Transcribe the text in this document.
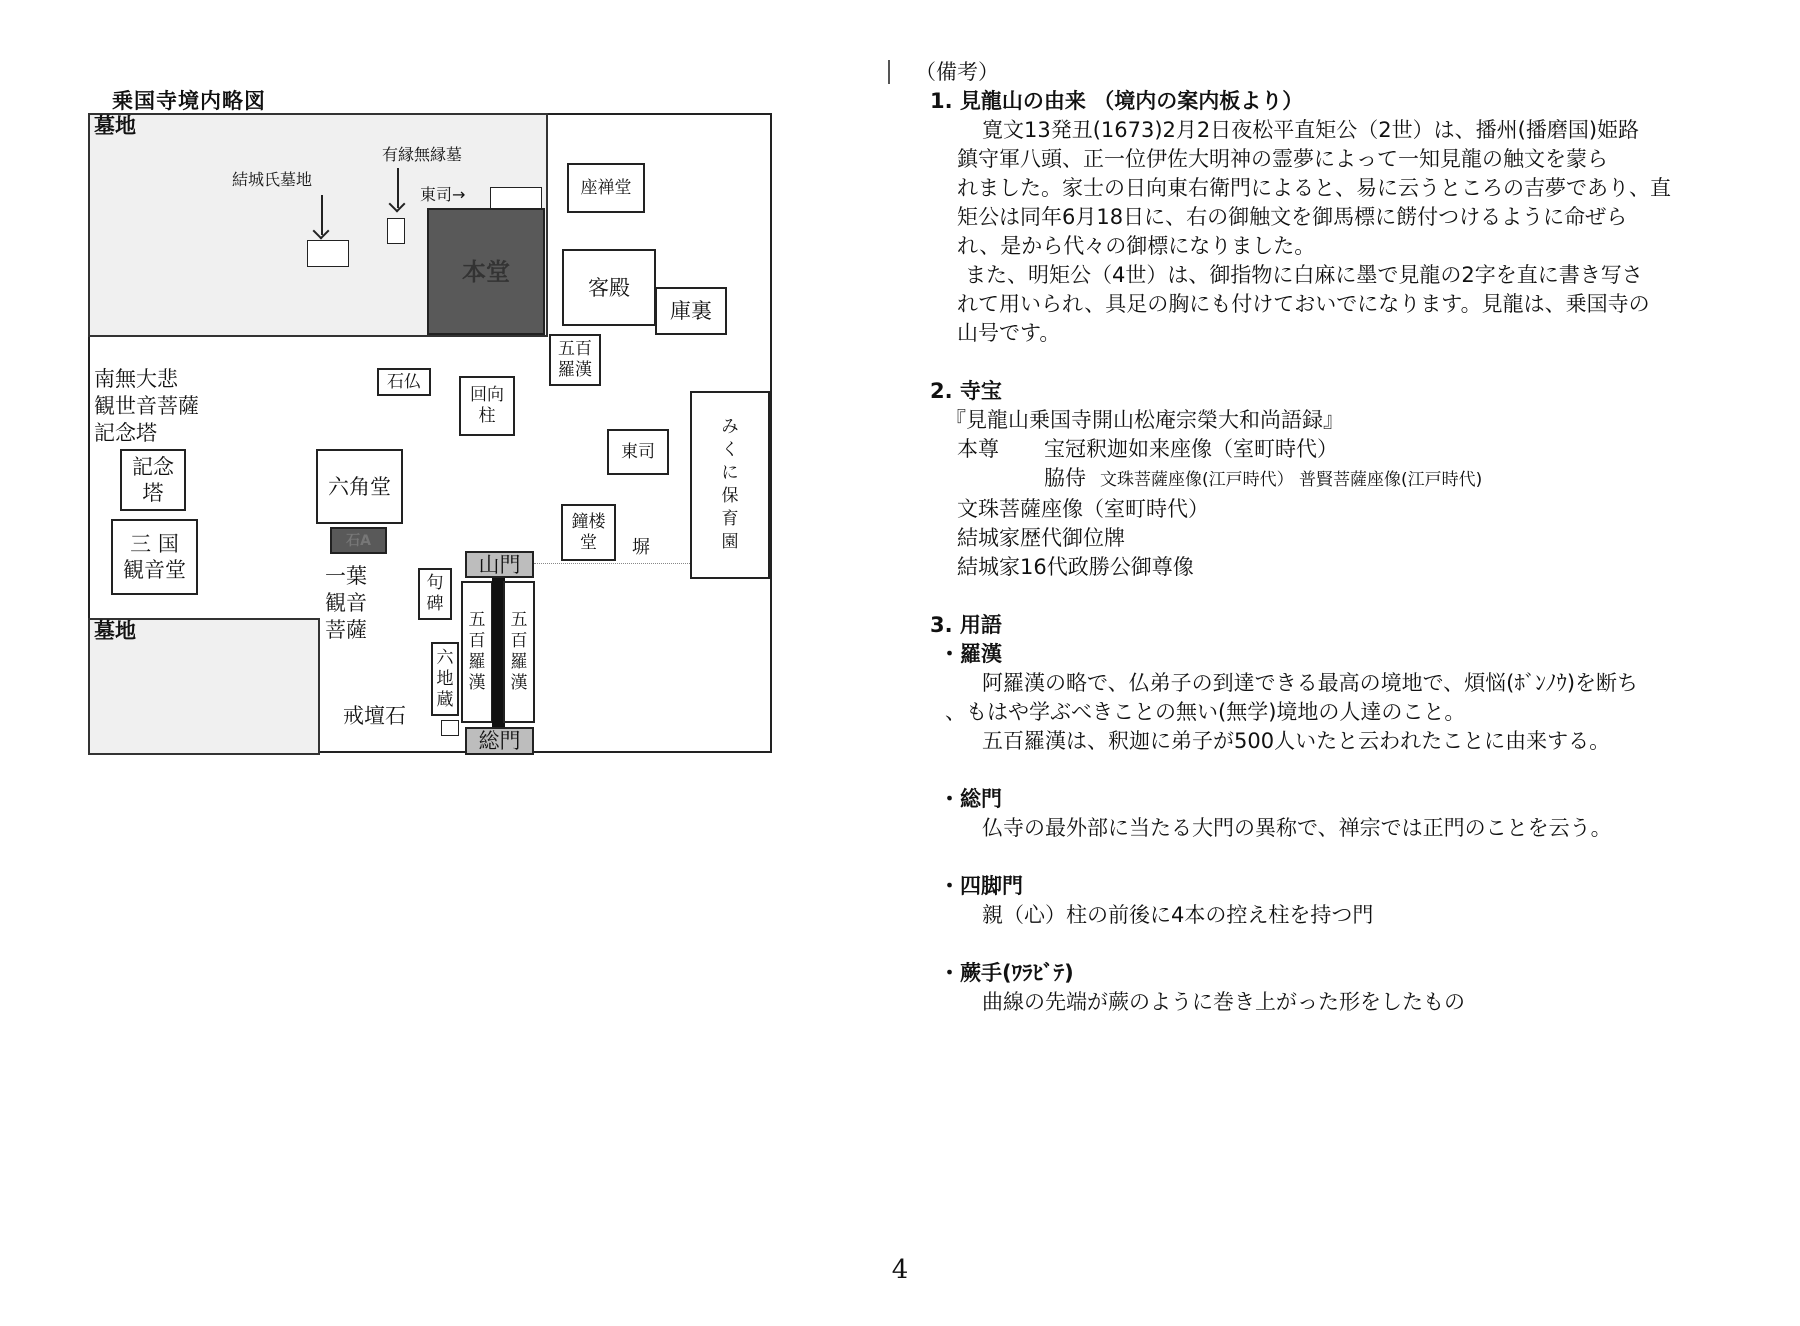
乗国寺境内略図
墓地
墓地
結城氏墓地
有縁無縁墓
東司→	座禅堂
本堂
客殿
庫裏
五百
羅漢
石仏
回向
柱
東司
み
く
に
保
育
園
南無大悲
観世音菩薩
記念塔
記念
塔
三 国
観音堂
六角堂
石A
一葉
観音
菩薩
鐘楼
堂 塀
句
碑
山門
五
百
羅
漢
五
百
羅
漢
六
地
蔵
戒壇石
総門

（備考）

1. 見龍山の由来 （境内の案内板より）

寛文13発丑(1673)2月2日夜松平直矩公（2世）は、播州(播磨国)姫路

鎮守軍八頭、正一位伊佐大明神の霊夢によって一知見龍の触文を蒙ら

れました。家士の日向東右衛門によると、易に云うところの吉夢であり、直

矩公は同年6月18日に、右の御触文を御馬標に餝付つけるように命ぜら

れ、是から代々の御標になりました。

また、明矩公（4世）は、御指物に白麻に墨で見龍の2字を直に書き写さ

れて用いられ、具足の胸にも付けておいでになります。見龍は、乗国寺の

山号です。

2. 寺宝

『見龍山乗国寺開山松庵宗榮大和尚語録』

本尊 宝冠釈迦如来座像（室町時代）

脇侍 文珠菩薩座像(江戸時代） 普賢菩薩座像(江戸時代)

文珠菩薩座像（室町時代）

結城家歴代御位牌

結城家16代政勝公御尊像

3. 用語

・羅漢

阿羅漢の略で、仏弟子の到達できる最高の境地で、煩悩(ﾎﾞﾝﾉｳ)を断ち

、もはや学ぶべきことの無い(無学)境地の人達のこと。

五百羅漢は、釈迦に弟子が500人いたと云われたことに由来する。

・総門

仏寺の最外部に当たる大門の異称で、禅宗では正門のことを云う。

・四脚門

親（心）柱の前後に4本の控え柱を持つ門

・蕨手(ﾜﾗﾋﾞﾃ)

曲線の先端が蕨のように巻き上がった形をしたもの

4
